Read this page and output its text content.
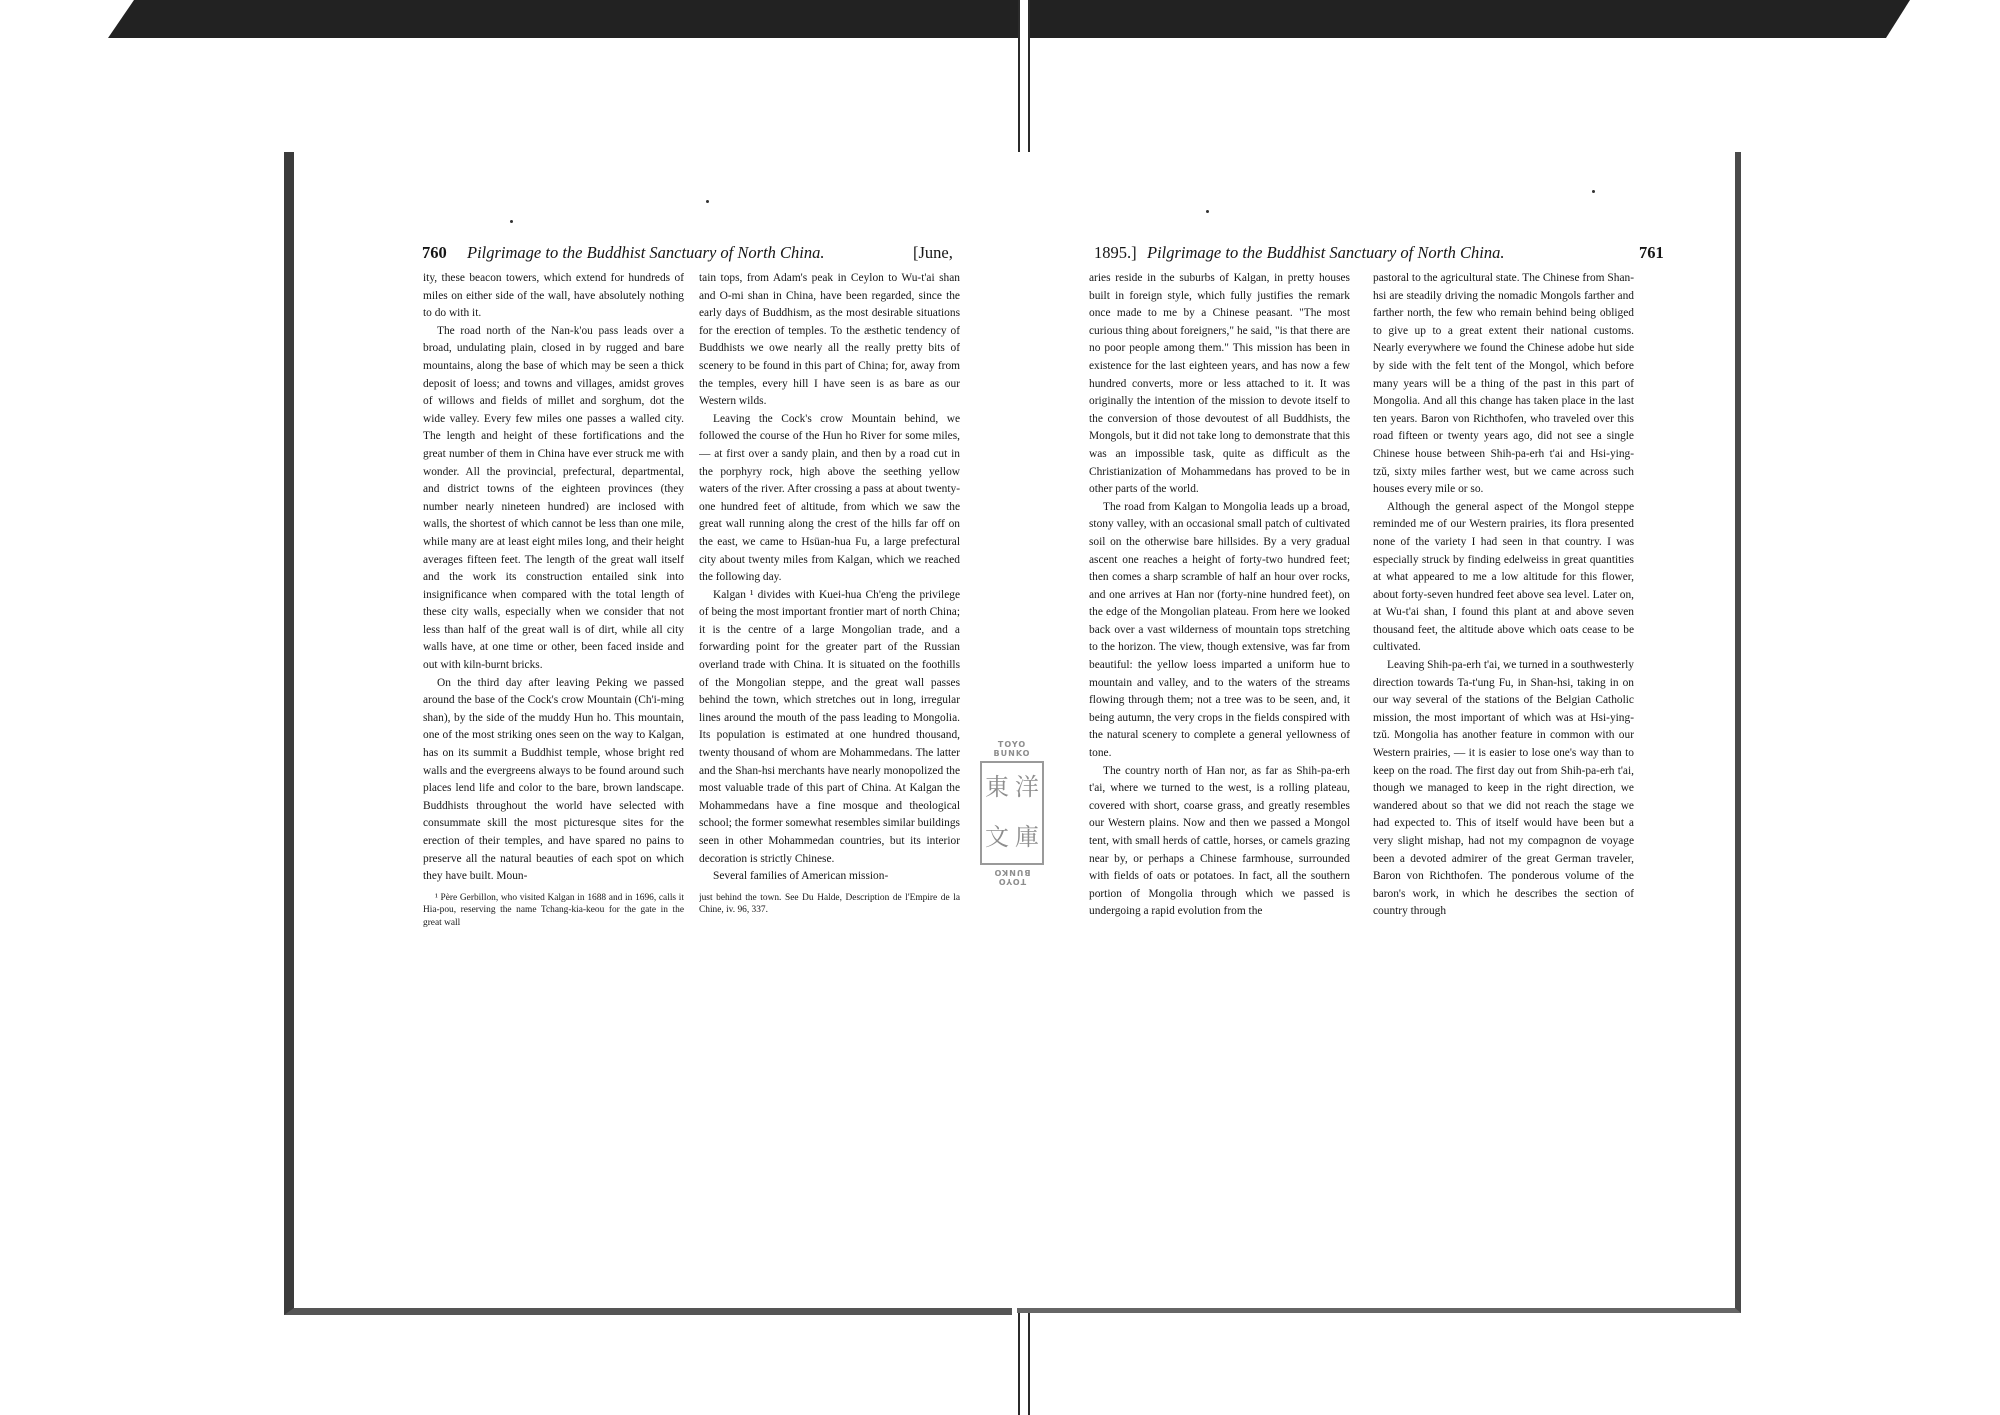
760 Pilgrimage to the Buddhist Sanctuary of North China.	[June,

ity, these beacon towers, which extend for hundreds of miles on either side of the wall, have absolutely nothing to do with it.

The road north of the Nan-k'ou pass leads over a broad, undulating plain, closed in by rugged and bare mountains, along the base of which may be seen a thick deposit of loess; and towns and villages, amidst groves of willows and fields of millet and sorghum, dot the wide valley. Every few miles one passes a walled city. The length and height of these fortifications and the great number of them in China have ever struck me with wonder. All the provincial, prefectural, departmental, and district towns of the eighteen provinces (they number nearly nineteen hundred) are inclosed with walls, the shortest of which cannot be less than one mile, while many are at least eight miles long, and their height averages fifteen feet. The length of the great wall itself and the work its construction entailed sink into insignificance when compared with the total length of these city walls, especially when we consider that not less than half of the great wall is of dirt, while all city walls have, at one time or other, been faced inside and out with kiln-burnt bricks.

On the third day after leaving Peking we passed around the base of the Cock's crow Mountain (Ch'i-ming shan), by the side of the muddy Hun ho. This mountain, one of the most striking ones seen on the way to Kalgan, has on its summit a Buddhist temple, whose bright red walls and the evergreens always to be found around such places lend life and color to the bare, brown landscape. Buddhists throughout the world have selected with consummate skill the most picturesque sites for the erection of their temples, and have spared no pains to preserve all the natural beauties of each spot on which they have built. Moun-

¹ Père Gerbillon, who visited Kalgan in 1688 and in 1696, calls it Hia-pou, reserving the name Tchang-kia-keou for the gate in the great wall

tain tops, from Adam's peak in Ceylon to Wu-t'ai shan and O-mi shan in China, have been regarded, since the early days of Buddhism, as the most desirable situations for the erection of temples. To the æsthetic tendency of Buddhists we owe nearly all the really pretty bits of scenery to be found in this part of China; for, away from the temples, every hill I have seen is as bare as our Western wilds.

Leaving the Cock's crow Mountain behind, we followed the course of the Hun ho River for some miles, — at first over a sandy plain, and then by a road cut in the porphyry rock, high above the seething yellow waters of the river. After crossing a pass at about twenty-one hundred feet of altitude, from which we saw the great wall running along the crest of the hills far off on the east, we came to Hsüan-hua Fu, a large prefectural city about twenty miles from Kalgan, which we reached the following day.

Kalgan ¹ divides with Kuei-hua Ch'eng the privilege of being the most important frontier mart of north China; it is the centre of a large Mongolian trade, and a forwarding point for the greater part of the Russian overland trade with China. It is situated on the foothills of the Mongolian steppe, and the great wall passes behind the town, which stretches out in long, irregular lines around the mouth of the pass leading to Mongolia. Its population is estimated at one hundred thousand, twenty thousand of whom are Mohammedans. The latter and the Shan-hsi merchants have nearly monopolized the most valuable trade of this part of China. At Kalgan the Mohammedans have a fine mosque and theological school; the former somewhat resembles similar buildings seen in other Mohammedan countries, but its interior decoration is strictly Chinese.

Several families of American mission-

just behind the town. See Du Halde, Description de l'Empire de la Chine, iv. 96, 337.

1895.] Pilgrimage to the Buddhist Sanctuary of North China.	761

aries reside in the suburbs of Kalgan, in pretty houses built in foreign style, which fully justifies the remark once made to me by a Chinese peasant. "The most curious thing about foreigners," he said, "is that there are no poor people among them." This mission has been in existence for the last eighteen years, and has now a few hundred converts, more or less attached to it. It was originally the intention of the mission to devote itself to the conversion of those devoutest of all Buddhists, the Mongols, but it did not take long to demonstrate that this was an impossible task, quite as difficult as the Christianization of Mohammedans has proved to be in other parts of the world.

The road from Kalgan to Mongolia leads up a broad, stony valley, with an occasional small patch of cultivated soil on the otherwise bare hillsides. By a very gradual ascent one reaches a height of forty-two hundred feet; then comes a sharp scramble of half an hour over rocks, and one arrives at Han nor (forty-nine hundred feet), on the edge of the Mongolian plateau. From here we looked back over a vast wilderness of mountain tops stretching to the horizon. The view, though extensive, was far from beautiful: the yellow loess imparted a uniform hue to mountain and valley, and to the waters of the streams flowing through them; not a tree was to be seen, and, it being autumn, the very crops in the fields conspired with the natural scenery to complete a general yellowness of tone.

The country north of Han nor, as far as Shih-pa-erh t'ai, where we turned to the west, is a rolling plateau, covered with short, coarse grass, and greatly resembles our Western plains. Now and then we passed a Mongol tent, with small herds of cattle, horses, or camels grazing near by, or perhaps a Chinese farmhouse, surrounded with fields of oats or potatoes. In fact, all the southern portion of Mongolia through which we passed is undergoing a rapid evolution from the

pastoral to the agricultural state. The Chinese from Shan-hsi are steadily driving the nomadic Mongols farther and farther north, the few who remain behind being obliged to give up to a great extent their national customs. Nearly everywhere we found the Chinese adobe hut side by side with the felt tent of the Mongol, which before many years will be a thing of the past in this part of Mongolia. And all this change has taken place in the last ten years. Baron von Richthofen, who traveled over this road fifteen or twenty years ago, did not see a single Chinese house between Shih-pa-erh t'ai and Hsi-ying-tzŭ, sixty miles farther west, but we came across such houses every mile or so.

Although the general aspect of the Mongol steppe reminded me of our Western prairies, its flora presented none of the variety I had seen in that country. I was especially struck by finding edelweiss in great quantities at what appeared to me a low altitude for this flower, about forty-seven hundred feet above sea level. Later on, at Wu-t'ai shan, I found this plant at and above seven thousand feet, the altitude above which oats cease to be cultivated.

Leaving Shih-pa-erh t'ai, we turned in a southwesterly direction towards Ta-t'ung Fu, in Shan-hsi, taking in on our way several of the stations of the Belgian Catholic mission, the most important of which was at Hsi-ying-tzŭ. Mongolia has another feature in common with our Western prairies, — it is easier to lose one's way than to keep on the road. The first day out from Shih-pa-erh t'ai, though we managed to keep in the right direction, we wandered about so that we did not reach the stage we had expected to. This of itself would have been but a very slight mishap, had not my compagnon de voyage been a devoted admirer of the great German traveler, Baron von Richthofen. The ponderous volume of the baron's work, in which he describes the section of country through

TOYO BUNKO
東 洋
文 庫
TOYO BUNKO
